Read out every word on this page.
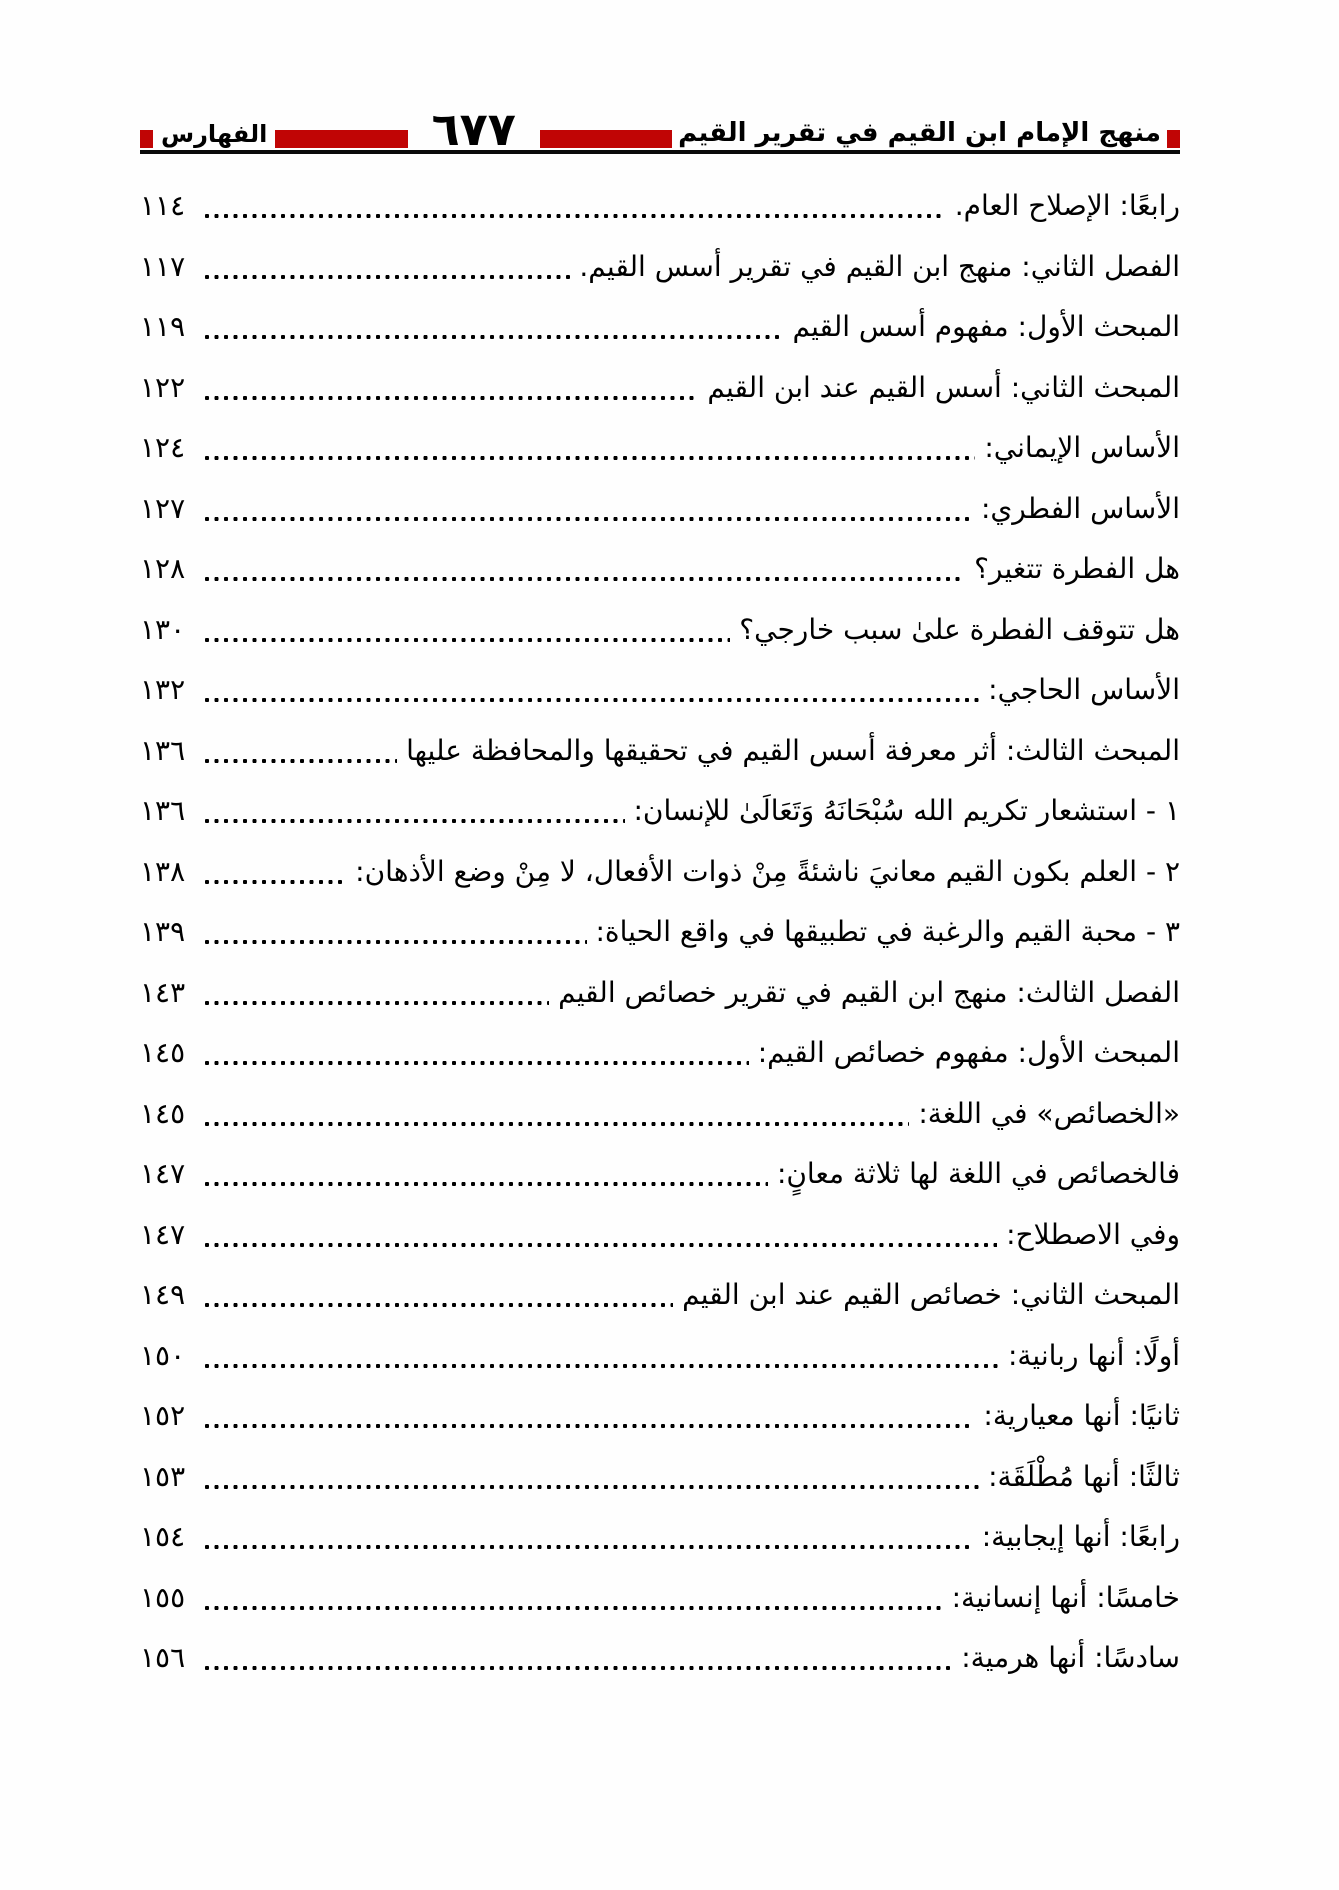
منهج الإمام ابن القيم في تقرير القيم
٦٧٧
الفهارس
رابعًا: الإصلاح العام.
١١٤
الفصل الثاني: منهج ابن القيم في تقرير أسس القيم.
١١٧
المبحث الأول: مفهوم أسس القيم
١١٩
المبحث الثاني: أسس القيم عند ابن القيم
١٢٢
الأساس الإيماني:
١٢٤
الأساس الفطري:
١٢٧
هل الفطرة تتغير؟
١٢٨
هل تتوقف الفطرة علىٰ سبب خارجي؟
١٣٠
الأساس الحاجي:
١٣٢
المبحث الثالث: أثر معرفة أسس القيم في تحقيقها والمحافظة عليها
١٣٦
١ - استشعار تكريم الله سُبْحَانَهُ وَتَعَالَىٰ للإنسان:
١٣٦
٢ - العلم بكون القيم معانيَ ناشئةً مِنْ ذوات الأفعال، لا مِنْ وضع الأذهان:
١٣٨
٣ - محبة القيم والرغبة في تطبيقها في واقع الحياة:
١٣٩
الفصل الثالث: منهج ابن القيم في تقرير خصائص القيم
١٤٣
المبحث الأول: مفهوم خصائص القيم:
١٤٥
«الخصائص» في اللغة:
١٤٥
فالخصائص في اللغة لها ثلاثة معانٍ:
١٤٧
وفي الاصطلاح:
١٤٧
المبحث الثاني: خصائص القيم عند ابن القيم
١٤٩
أولًا: أنها ربانية:
١٥٠
ثانيًا: أنها معيارية:
١٥٢
ثالثًا: أنها مُطْلَقَة:
١٥٣
رابعًا: أنها إيجابية:
١٥٤
خامسًا: أنها إنسانية:
١٥٥
سادسًا: أنها هرمية:
١٥٦
